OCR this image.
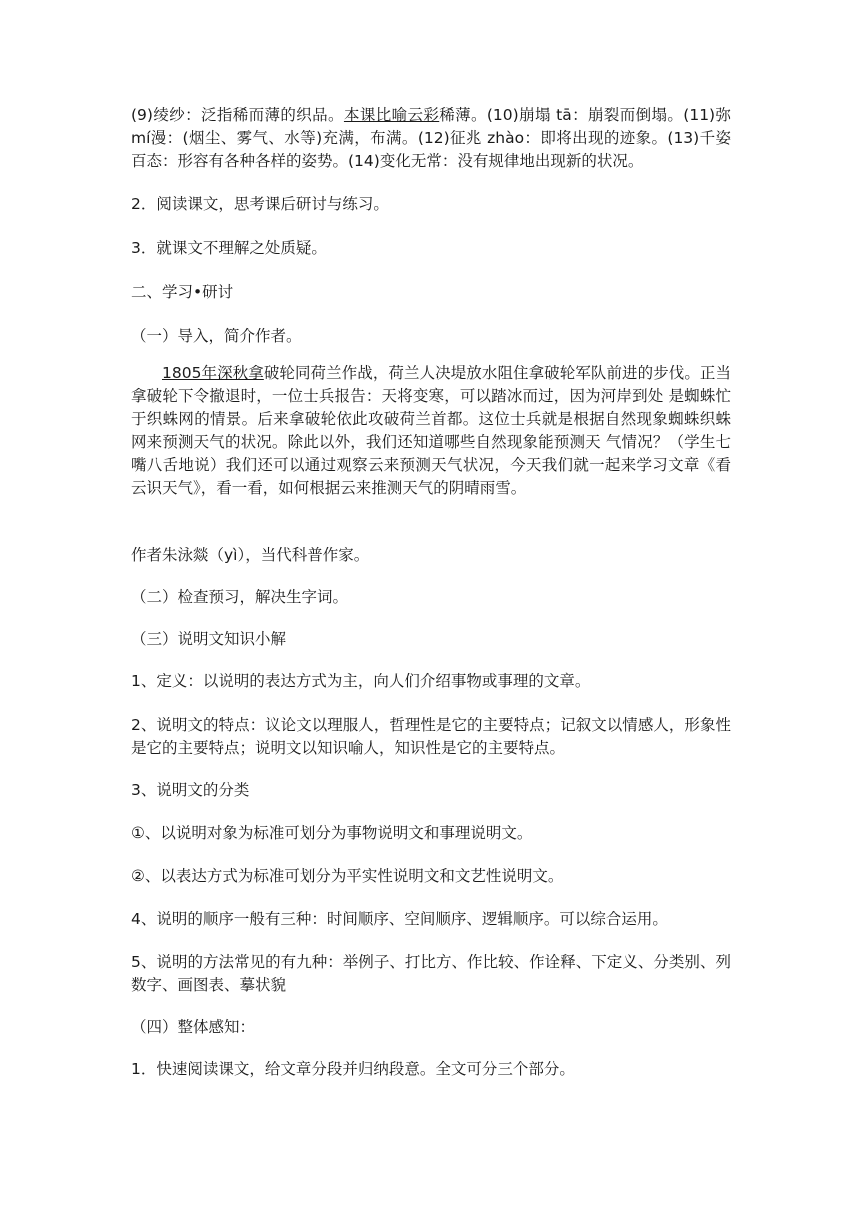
(9)绫纱：泛指稀而薄的织品。本课比喻云彩稀薄。(10)崩塌 tā：崩裂而倒塌。(11)弥 mí漫：(烟尘、雾气、水等)充满，布满。(12)征兆 zhào：即将出现的迹象。(13)千姿百态：形容有各种各样的姿势。(14)变化无常：没有规律地出现新的状况。

2．阅读课文，思考课后研讨与练习。

3．就课文不理解之处质疑。

二、学习•研讨

（一）导入，简介作者。

1805年深秋拿破轮同荷兰作战，荷兰人决堤放水阻住拿破轮军队前进的步伐。正当拿破轮下令撤退时，一位士兵报告：天将变寒，可以踏冰而过，因为河岸到处 是蜘蛛忙于织蛛网的情景。后来拿破轮依此攻破荷兰首都。这位士兵就是根据自然现象蜘蛛织蛛网来预测天气的状况。除此以外，我们还知道哪些自然现象能预测天 气情况？（学生七嘴八舌地说）我们还可以通过观察云来预测天气状况，今天我们就一起来学习文章《看云识天气》，看一看，如何根据云来推测天气的阴晴雨雪。

作者朱泳燚（yì），当代科普作家。

（二）检查预习，解决生字词。

（三）说明文知识小解

1、定义：以说明的表达方式为主，向人们介绍事物或事理的文章。

2、说明文的特点：议论文以理服人，哲理性是它的主要特点；记叙文以情感人，形象性是它的主要特点；说明文以知识喻人，知识性是它的主要特点。

3、说明文的分类

①、以说明对象为标准可划分为事物说明文和事理说明文。

②、以表达方式为标准可划分为平实性说明文和文艺性说明文。

4、说明的顺序一般有三种：时间顺序、空间顺序、逻辑顺序。可以综合运用。

5、说明的方法常见的有九种：举例子、打比方、作比较、作诠释、下定义、分类别、列数字、画图表、摹状貌

（四）整体感知：

1．快速阅读课文，给文章分段并归纳段意。全文可分三个部分。
